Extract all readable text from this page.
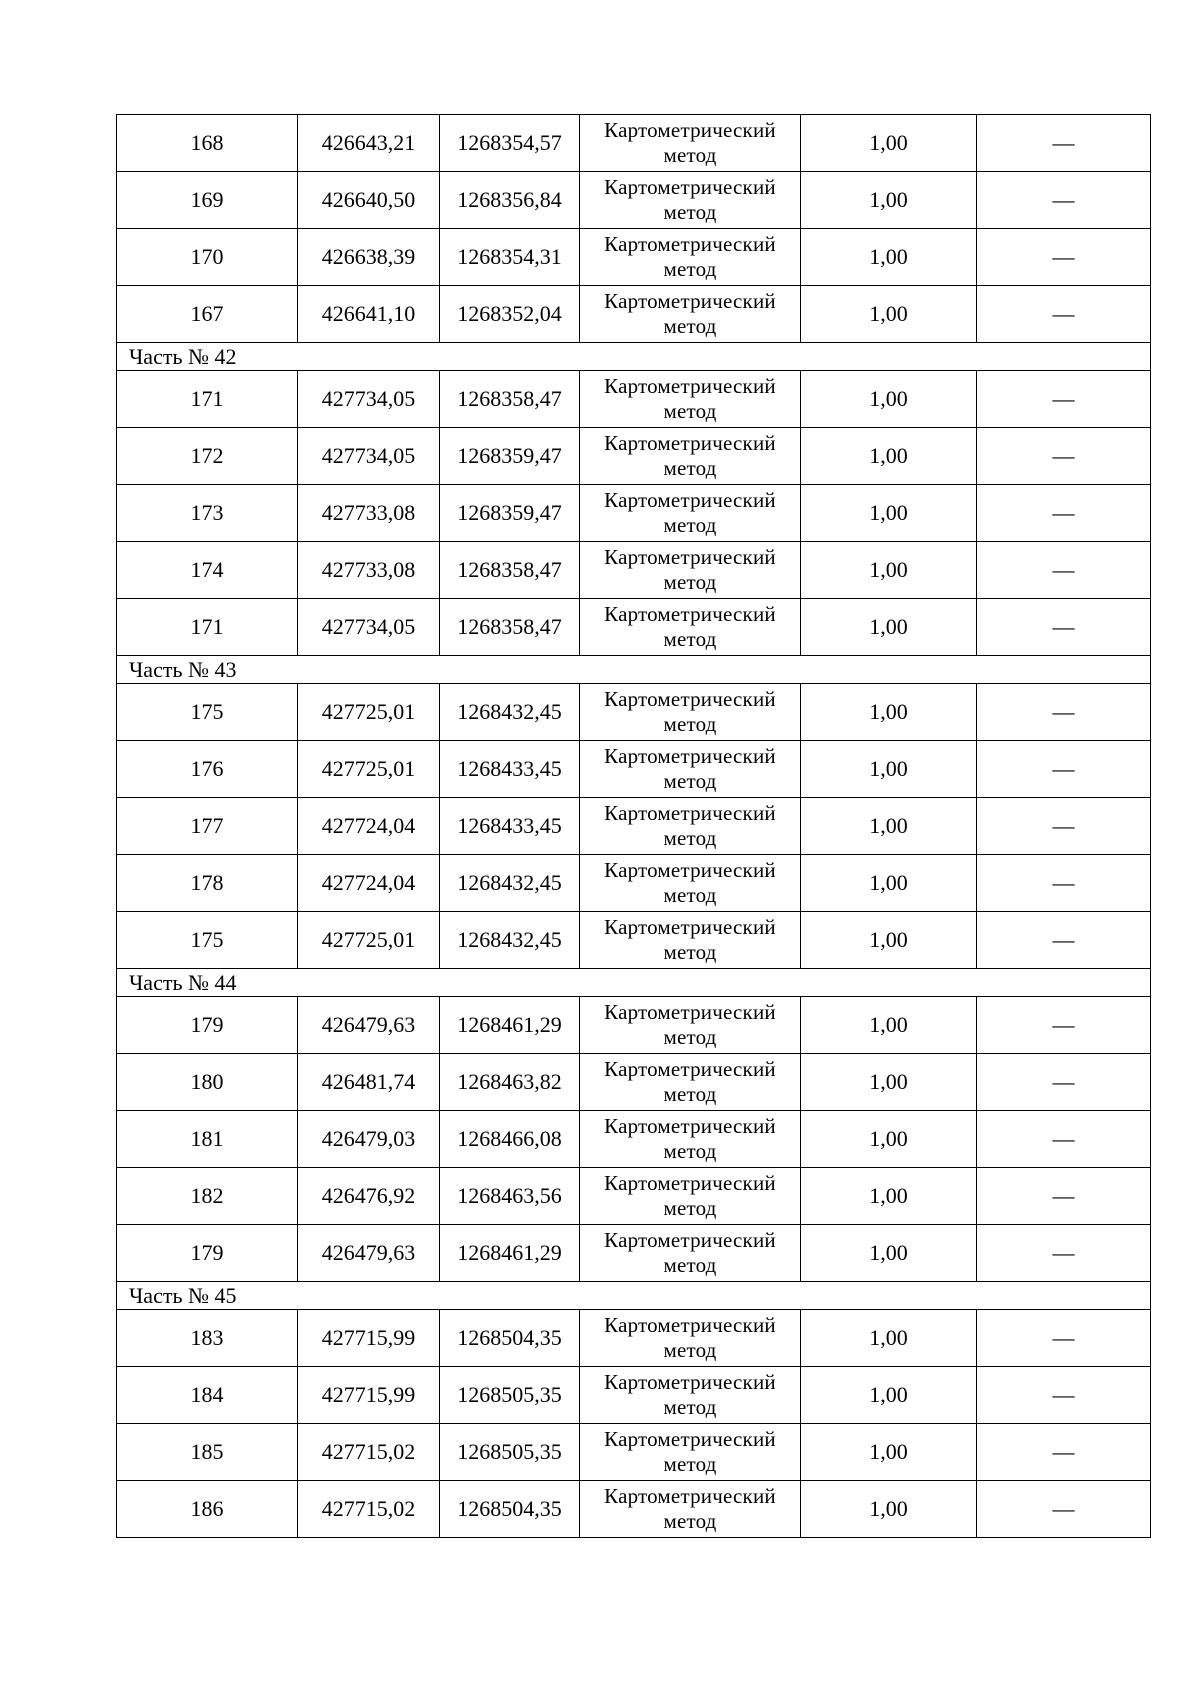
168	426643,21	1268354,57	Картометрический метод	1,00	—
169	426640,50	1268356,84	Картометрический метод	1,00	—
170	426638,39	1268354,31	Картометрический метод	1,00	—
167	426641,10	1268352,04	Картометрический метод	1,00	—
Часть № 42					
171	427734,05	1268358,47	Картометрический метод	1,00	—
172	427734,05	1268359,47	Картометрический метод	1,00	—
173	427733,08	1268359,47	Картометрический метод	1,00	—
174	427733,08	1268358,47	Картометрический метод	1,00	—
171	427734,05	1268358,47	Картометрический метод	1,00	—
Часть № 43					
175	427725,01	1268432,45	Картометрический метод	1,00	—
176	427725,01	1268433,45	Картометрический метод	1,00	—
177	427724,04	1268433,45	Картометрический метод	1,00	—
178	427724,04	1268432,45	Картометрический метод	1,00	—
175	427725,01	1268432,45	Картометрический метод	1,00	—
Часть № 44					
179	426479,63	1268461,29	Картометрический метод	1,00	—
180	426481,74	1268463,82	Картометрический метод	1,00	—
181	426479,03	1268466,08	Картометрический метод	1,00	—
182	426476,92	1268463,56	Картометрический метод	1,00	—
179	426479,63	1268461,29	Картометрический метод	1,00	—
Часть № 45					
183	427715,99	1268504,35	Картометрический метод	1,00	—
184	427715,99	1268505,35	Картометрический метод	1,00	—
185	427715,02	1268505,35	Картометрический метод	1,00	—
186	427715,02	1268504,35	Картометрический метод	1,00	—
